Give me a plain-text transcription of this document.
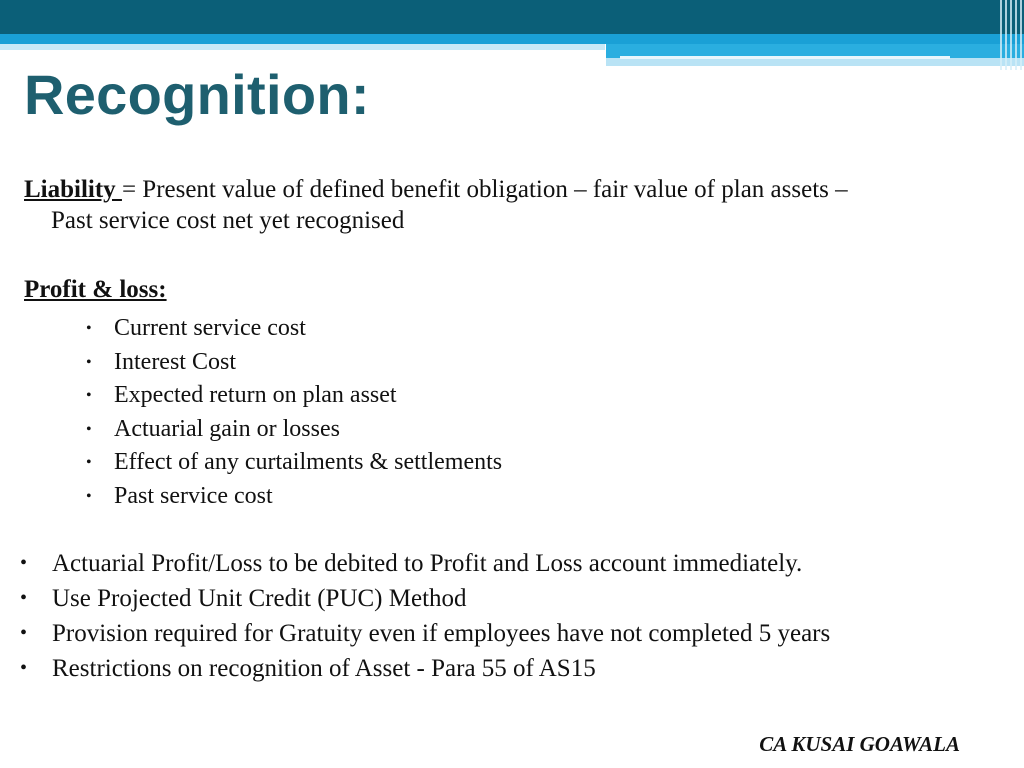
Recognition:
Liability = Present value of defined benefit obligation – fair value of plan assets –
Past service cost net yet recognised
Profit & loss:
• Current service cost
• Interest Cost
• Expected return on plan asset
• Actuarial gain or losses
• Effect of any curtailments & settlements
• Past service cost
• Actuarial Profit/Loss to be debited to Profit and Loss account immediately.
• Use Projected Unit Credit (PUC) Method
• Provision required for Gratuity even if employees have not completed 5 years
• Restrictions on recognition of Asset - Para 55 of AS15
CA KUSAI GOAWALA
